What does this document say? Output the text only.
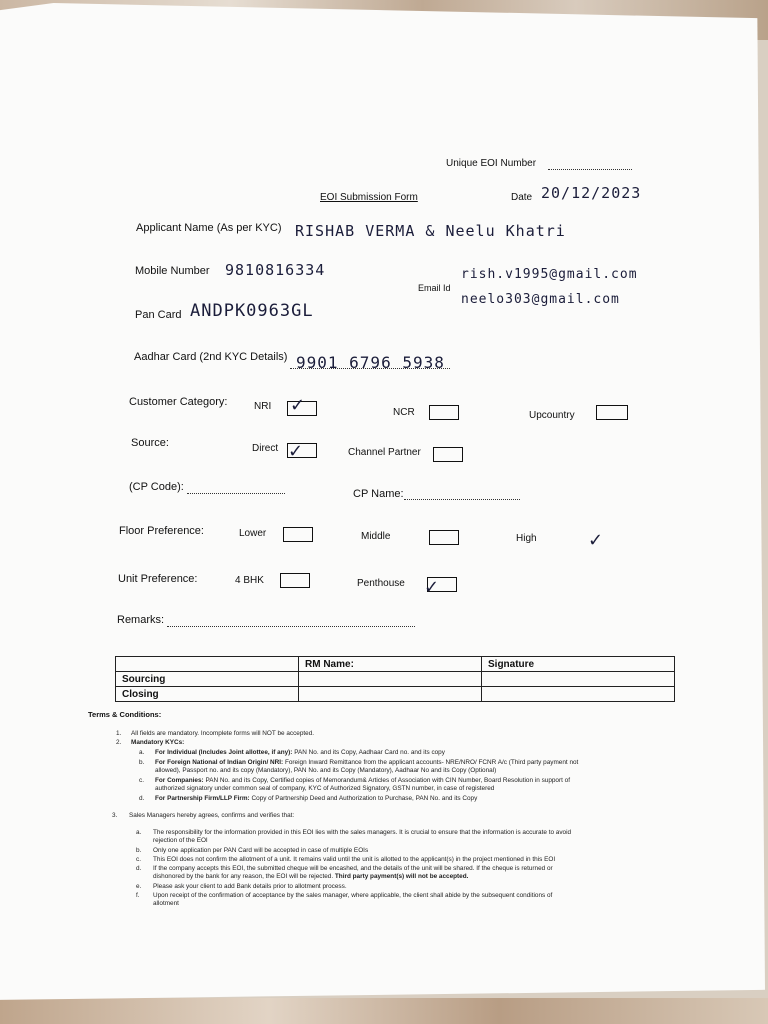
Unique EOI Number
EOI Submission Form	Date 20/12/2023
Applicant Name (As per KYC) RISHAB VERMA & Neelu Khatri
Mobile Number 9810816334
Email Id
rish.v1995@gmail.com
neelo303@gmail.com
Pan Card ANDPK0963GL
Aadhar Card (2nd KYC Details) 9901 6796 5938
Customer Category:	NRI ✓	NCR	Upcountry
Source:	Direct ✓	Channel Partner
(CP Code):
CP Name:
Floor Preference:	Lower	Middle	High	✓
Unit Preference:	4 BHK	Penthouse ✓
Remarks:
	RM Name:	Signature
Sourcing		
Closing		
Terms & Conditions:
1. All fields are mandatory. Incomplete forms will NOT be accepted.
2. Mandatory KYCs:
a. For Individual (Includes Joint allottee, if any): PAN No. and its Copy, Aadhaar Card no. and its copy
b. For Foreign National of Indian Origin/ NRI: Foreign Inward Remittance from the applicant accounts- NRE/NRO/ FCNR A/c (Third party payment not
allowed), Passport no. and its copy (Mandatory), PAN No. and its Copy (Mandatory), Aadhaar No and its Copy (Optional)
c. For Companies: PAN No. and its Copy, Certified copies of Memorandum& Articles of Association with CIN Number, Board Resolution in support of
authorized signatory under common seal of company, KYC of Authorized Signatory, GSTN number, in case of registered
d. For Partnership Firm/LLP Firm: Copy of Partnership Deed and Authorization to Purchase, PAN No. and its Copy
3. Sales Managers hereby agrees, confirms and verifies that:
a. The responsibility for the information provided in this EOI lies with the sales managers. It is crucial to ensure that the information is accurate to avoid
rejection of the EOI
b. Only one application per PAN Card will be accepted in case of multiple EOIs
c. This EOI does not confirm the allotment of a unit. It remains valid until the unit is allotted to the applicant(s) in the project mentioned in this EOI
d. If the company accepts this EOI, the submitted cheque will be encashed, and the details of the unit will be shared. If the cheque is returned or
dishonored by the bank for any reason, the EOI will be rejected. Third party payment(s) will not be accepted.
e. Please ask your client to add Bank details prior to allotment process.
f. Upon receipt of the confirmation of acceptance by the sales manager, where applicable, the client shall abide by the subsequent conditions of
allotment
